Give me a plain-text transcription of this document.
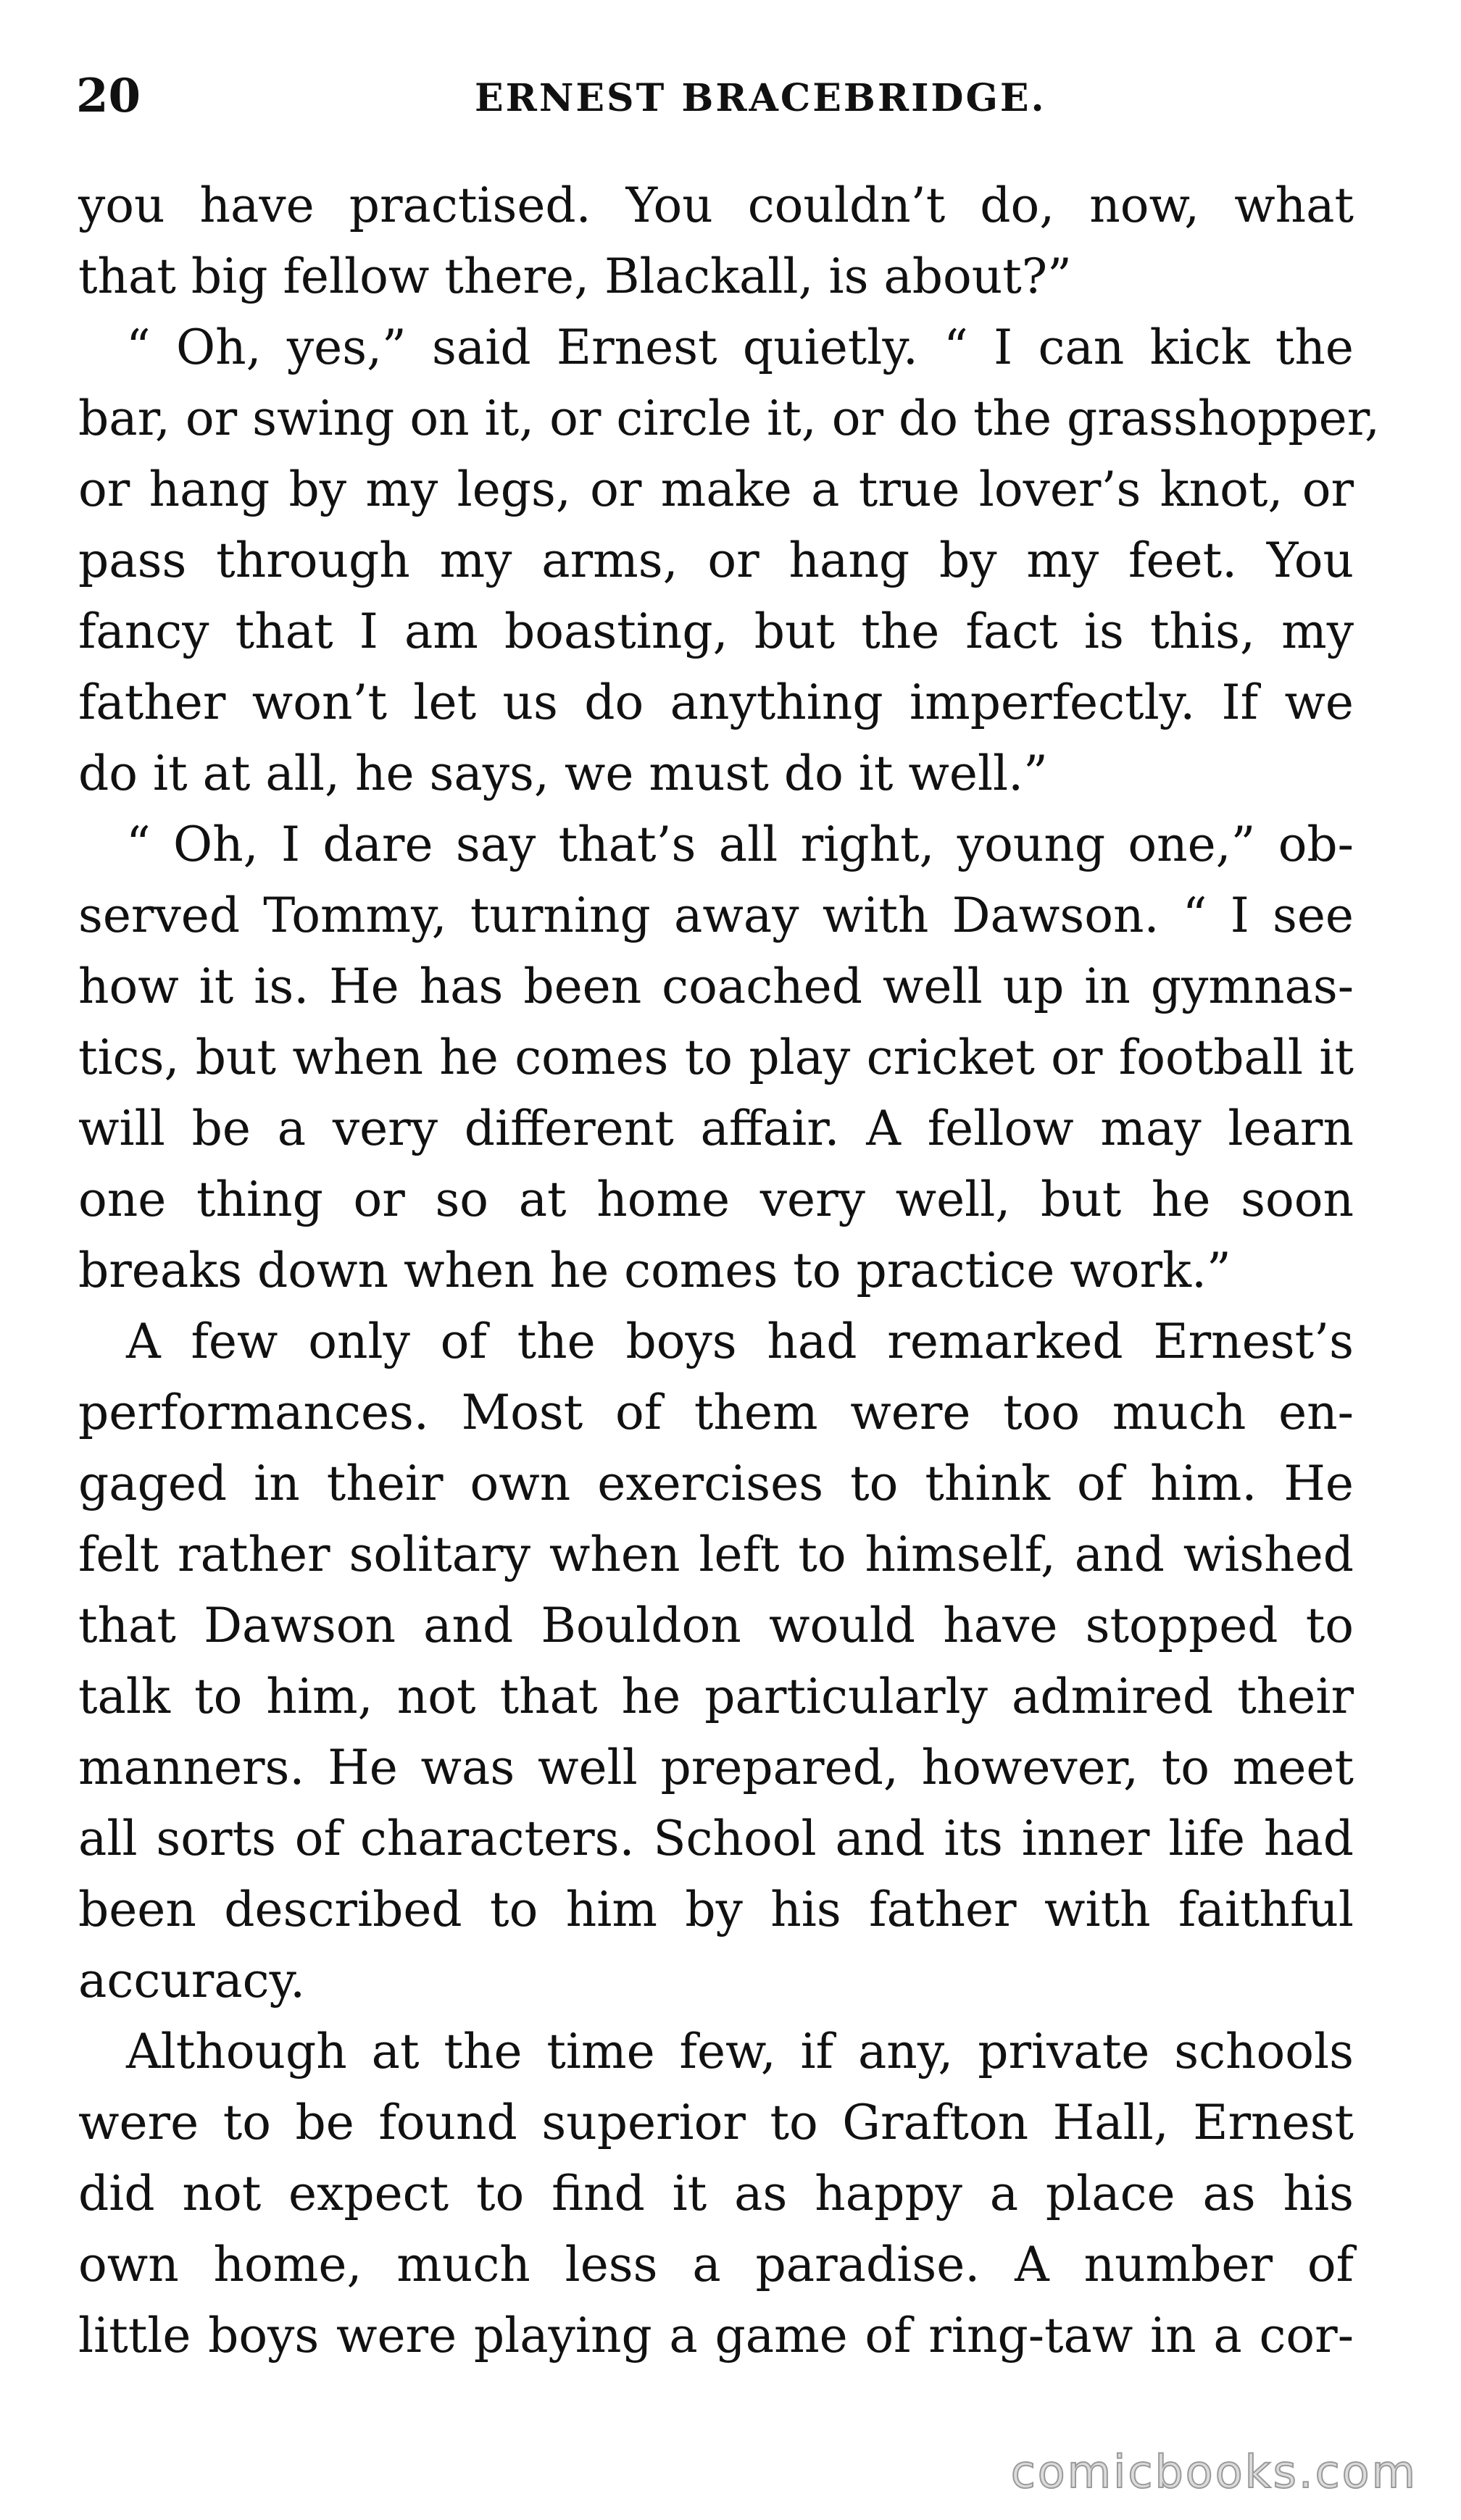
20	ERNEST BRACEBRIDGE.
you have practised. You couldn’t do, now, what
that big fellow there, Blackall, is about?”
“ Oh, yes,” said Ernest quietly. “ I can kick the
bar, or swing on it, or circle it, or do the grasshopper,
or hang by my legs, or make a true lover’s knot, or
pass through my arms, or hang by my feet. You
fancy that I am boasting, but the fact is this, my
father won’t let us do anything imperfectly. If we
do it at all, he says, we must do it well.”
“ Oh, I dare say that’s all right, young one,” ob-
served Tommy, turning away with Dawson. “ I see
how it is. He has been coached well up in gymnas-
tics, but when he comes to play cricket or football it
will be a very different affair. A fellow may learn
one thing or so at home very well, but he soon
breaks down when he comes to practice work.”
A few only of the boys had remarked Ernest’s
performances. Most of them were too much en-
gaged in their own exercises to think of him. He
felt rather solitary when left to himself, and wished
that Dawson and Bouldon would have stopped to
talk to him, not that he particularly admired their
manners. He was well prepared, however, to meet
all sorts of characters. School and its inner life had
been described to him by his father with faithful
accuracy.
Although at the time few, if any, private schools
were to be found superior to Grafton Hall, Ernest
did not expect to find it as happy a place as his
own home, much less a paradise. A number of
little boys were playing a game of ring-taw in a cor-
comicbooks.com
